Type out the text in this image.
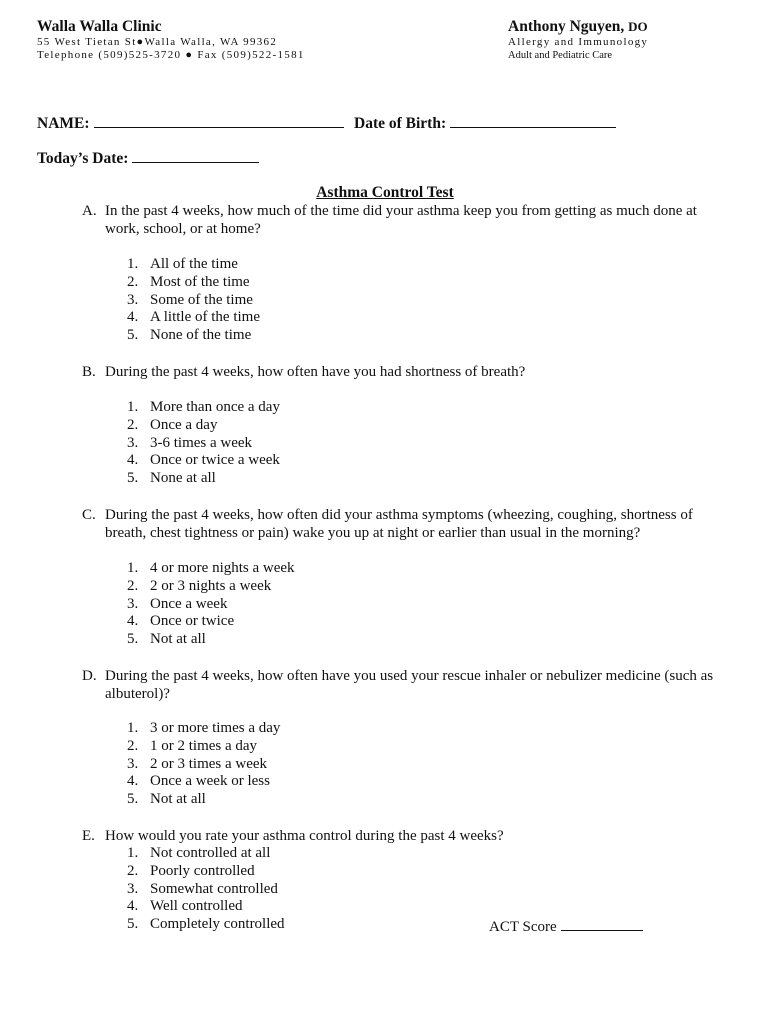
Walla Walla Clinic
55 West Tietan St●Walla Walla, WA 99362
Telephone (509)525-3720 ● Fax (509)522-1581
Anthony Nguyen, DO
Allergy and Immunology
Adult and Pediatric Care
NAME:	Date of Birth:
Today’s Date:
Asthma Control Test
A. In the past 4 weeks, how much of the time did your asthma keep you from getting as much done at work, school, or at home?
1. All of the time
2. Most of the time
3. Some of the time
4. A little of the time
5. None of the time
B. During the past 4 weeks, how often have you had shortness of breath?
1. More than once a day
2. Once a day
3. 3-6 times a week
4. Once or twice a week
5. None at all
C. During the past 4 weeks, how often did your asthma symptoms (wheezing, coughing, shortness of breath, chest tightness or pain) wake you up at night or earlier than usual in the morning?
1. 4 or more nights a week
2. 2 or 3 nights a week
3. Once a week
4. Once or twice
5. Not at all
D. During the past 4 weeks, how often have you used your rescue inhaler or nebulizer medicine (such as albuterol)?
1. 3 or more times a day
2. 1 or 2 times a day
3. 2 or 3 times a week
4. Once a week or less
5. Not at all
E. How would you rate your asthma control during the past 4 weeks?
1. Not controlled at all
2. Poorly controlled
3. Somewhat controlled
4. Well controlled
5. Completely controlled	ACT Score
